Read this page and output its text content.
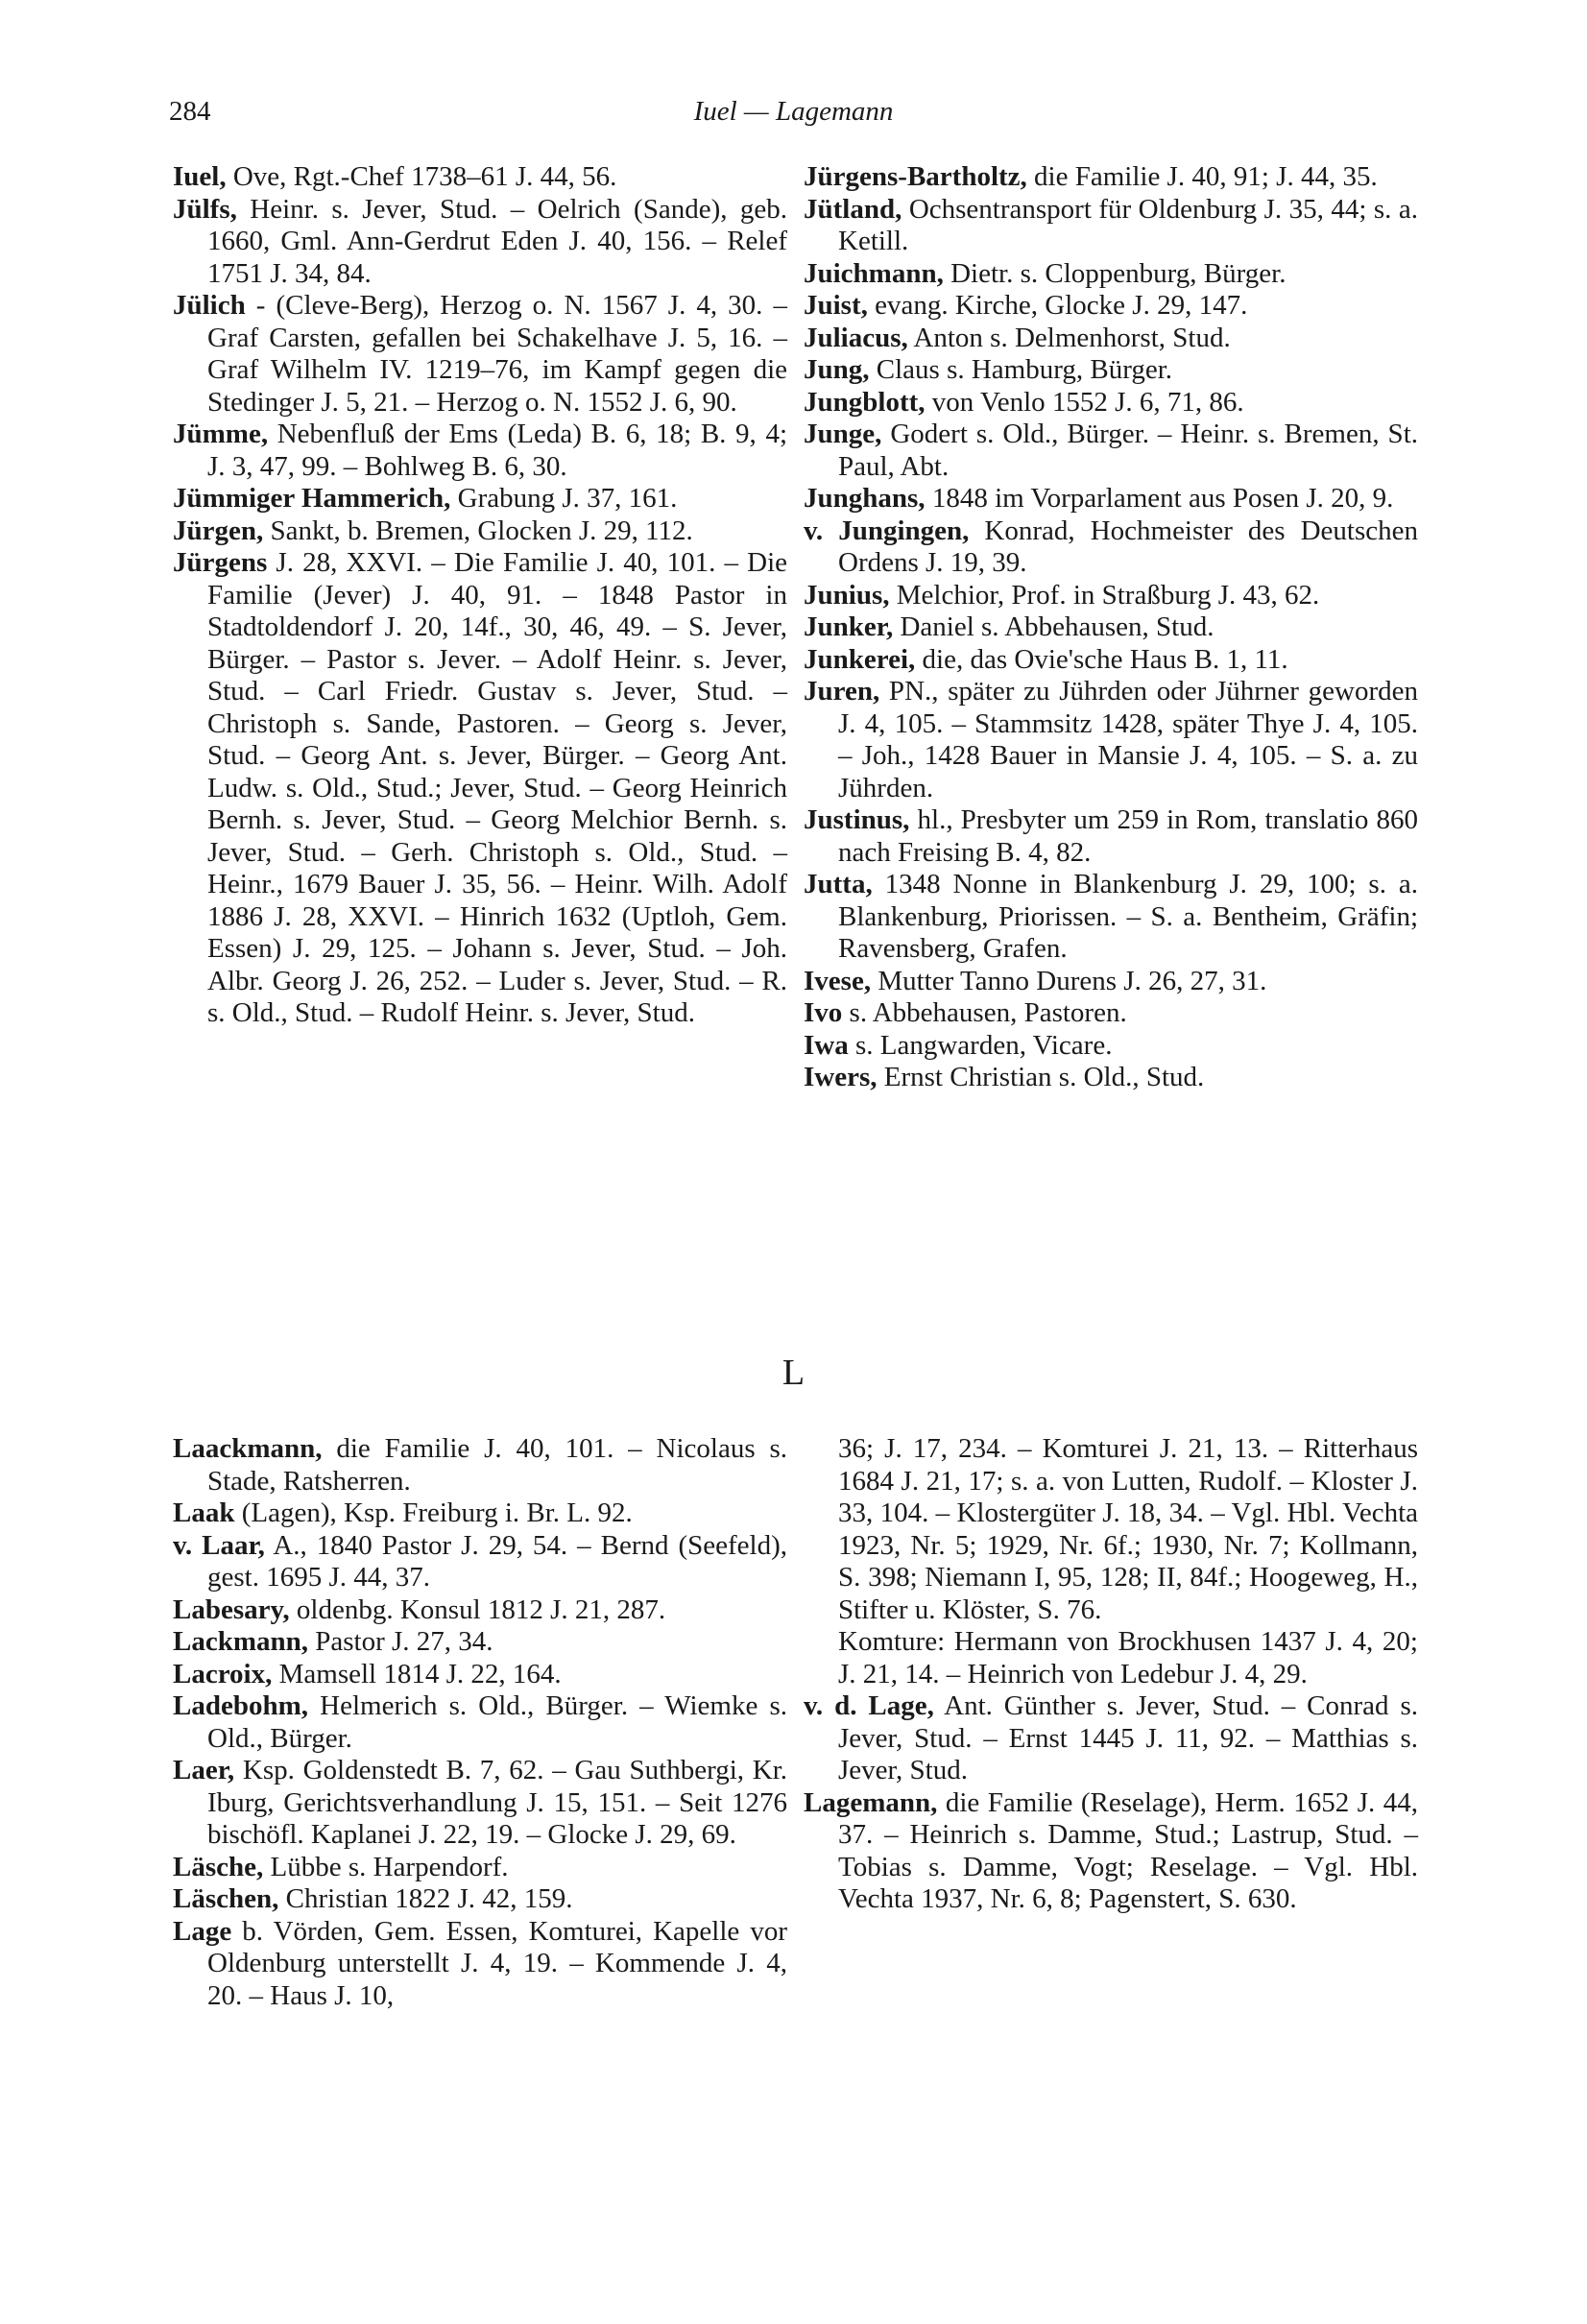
284	Iuel — Lagemann

Iuel, Ove, Rgt.-Chef 1738–61 J. 44, 56.

Jülfs, Heinr. s. Jever, Stud. – Oelrich (Sande), geb. 1660, Gml. Ann-Gerdrut Eden J. 40, 156. – Relef 1751 J. 34, 84.

Jülich - (Cleve-Berg), Herzog o. N. 1567 J. 4, 30. – Graf Carsten, gefallen bei Schakelhave J. 5, 16. – Graf Wilhelm IV. 1219–76, im Kampf gegen die Stedinger J. 5, 21. – Herzog o. N. 1552 J. 6, 90.

Jümme, Nebenfluß der Ems (Leda) B. 6, 18; B. 9, 4; J. 3, 47, 99. – Bohlweg B. 6, 30.

Jümmiger Hammerich, Grabung J. 37, 161.

Jürgen, Sankt, b. Bremen, Glocken J. 29, 112.

Jürgens J. 28, XXVI. – Die Familie J. 40, 101. – Die Familie (Jever) J. 40, 91. – 1848 Pastor in Stadtoldendorf J. 20, 14f., 30, 46, 49. – S. Jever, Bürger. – Pastor s. Jever. – Adolf Heinr. s. Jever, Stud. – Carl Friedr. Gustav s. Jever, Stud. – Christoph s. Sande, Pastoren. – Georg s. Jever, Stud. – Georg Ant. s. Jever, Bürger. – Georg Ant. Ludw. s. Old., Stud.; Jever, Stud. – Georg Heinrich Bernh. s. Jever, Stud. – Georg Melchior Bernh. s. Jever, Stud. – Gerh. Christoph s. Old., Stud. – Heinr., 1679 Bauer J. 35, 56. – Heinr. Wilh. Adolf 1886 J. 28, XXVI. – Hinrich 1632 (Uptloh, Gem. Essen) J. 29, 125. – Johann s. Jever, Stud. – Joh. Albr. Georg J. 26, 252. – Luder s. Jever, Stud. – R. s. Old., Stud. – Rudolf Heinr. s. Jever, Stud.

Jürgens-Bartholtz, die Familie J. 40, 91; J. 44, 35.

Jütland, Ochsentransport für Oldenburg J. 35, 44; s. a. Ketill.

Juichmann, Dietr. s. Cloppenburg, Bürger.

Juist, evang. Kirche, Glocke J. 29, 147.

Juliacus, Anton s. Delmenhorst, Stud.

Jung, Claus s. Hamburg, Bürger.

Jungblott, von Venlo 1552 J. 6, 71, 86.

Junge, Godert s. Old., Bürger. – Heinr. s. Bremen, St. Paul, Abt.

Junghans, 1848 im Vorparlament aus Posen J. 20, 9.

v. Jungingen, Konrad, Hochmeister des Deutschen Ordens J. 19, 39.

Junius, Melchior, Prof. in Straßburg J. 43, 62.

Junker, Daniel s. Abbehausen, Stud.

Junkerei, die, das Ovie'sche Haus B. 1, 11.

Juren, PN., später zu Jührden oder Jührner geworden J. 4, 105. – Stammsitz 1428, später Thye J. 4, 105. – Joh., 1428 Bauer in Mansie J. 4, 105. – S. a. zu Jührden.

Justinus, hl., Presbyter um 259 in Rom, translatio 860 nach Freising B. 4, 82.

Jutta, 1348 Nonne in Blankenburg J. 29, 100; s. a. Blankenburg, Priorissen. – S. a. Bentheim, Gräfin; Ravensberg, Grafen.

Ivese, Mutter Tanno Durens J. 26, 27, 31.

Ivo s. Abbehausen, Pastoren.

Iwa s. Langwarden, Vicare.

Iwers, Ernst Christian s. Old., Stud.

L

Laackmann, die Familie J. 40, 101. – Nicolaus s. Stade, Ratsherren.

Laak (Lagen), Ksp. Freiburg i. Br. L. 92.

v. Laar, A., 1840 Pastor J. 29, 54. – Bernd (Seefeld), gest. 1695 J. 44, 37.

Labesary, oldenbg. Konsul 1812 J. 21, 287.

Lackmann, Pastor J. 27, 34.

Lacroix, Mamsell 1814 J. 22, 164.

Ladebohm, Helmerich s. Old., Bürger. – Wiemke s. Old., Bürger.

Laer, Ksp. Goldenstedt B. 7, 62. – Gau Suthbergi, Kr. Iburg, Gerichtsverhandlung J. 15, 151. – Seit 1276 bischöfl. Kaplanei J. 22, 19. – Glocke J. 29, 69.

Läsche, Lübbe s. Harpendorf.

Läschen, Christian 1822 J. 42, 159.

Lage b. Vörden, Gem. Essen, Komturei, Kapelle vor Oldenburg unterstellt J. 4, 19. – Kommende J. 4, 20. – Haus J. 10,

36; J. 17, 234. – Komturei J. 21, 13. – Ritterhaus 1684 J. 21, 17; s. a. von Lutten, Rudolf. – Kloster J. 33, 104. – Klostergüter J. 18, 34. – Vgl. Hbl. Vechta 1923, Nr. 5; 1929, Nr. 6f.; 1930, Nr. 7; Kollmann, S. 398; Niemann I, 95, 128; II, 84f.; Hoogeweg, H., Stifter u. Klöster, S. 76.

Komture: Hermann von Brockhusen 1437 J. 4, 20; J. 21, 14. – Heinrich von Ledebur J. 4, 29.

v. d. Lage, Ant. Günther s. Jever, Stud. – Conrad s. Jever, Stud. – Ernst 1445 J. 11, 92. – Matthias s. Jever, Stud.

Lagemann, die Familie (Reselage), Herm. 1652 J. 44, 37. – Heinrich s. Damme, Stud.; Lastrup, Stud. – Tobias s. Damme, Vogt; Reselage. – Vgl. Hbl. Vechta 1937, Nr. 6, 8; Pagenstert, S. 630.
